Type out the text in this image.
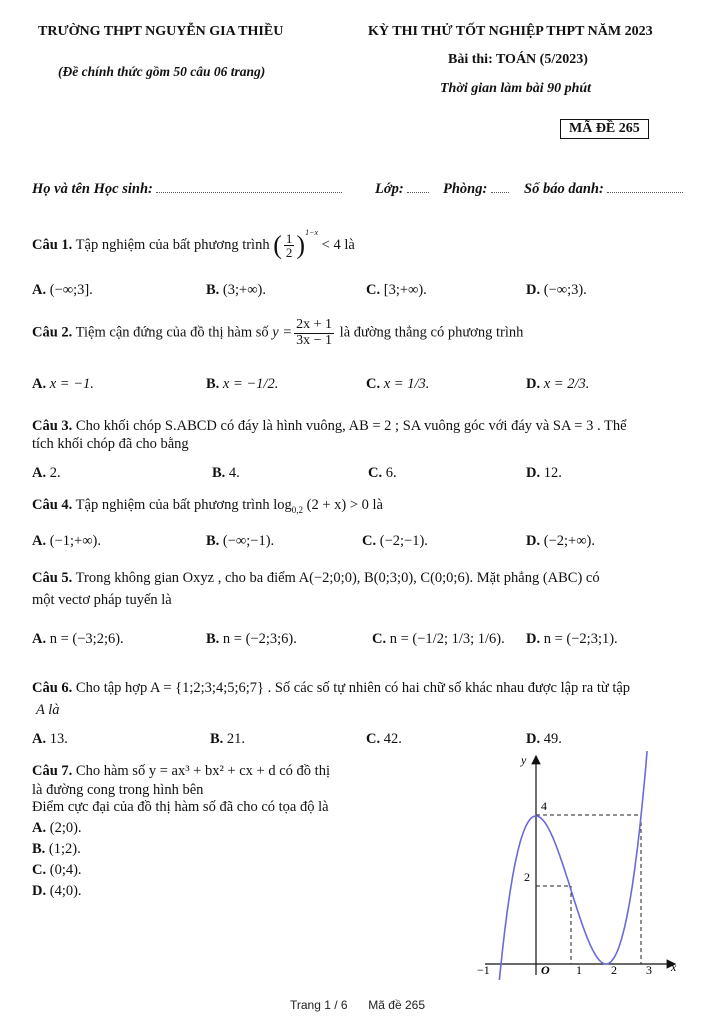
TRƯỜNG THPT NGUYỄN GIA THIỀU	KỲ THI THỬ TỐT NGHIỆP THPT NĂM 2023
Bài thi: TOÁN (5/2023)
(Đề chính thức gồm 50 câu 06 trang)
Thời gian làm bài 90 phút
MÃ ĐỀ 265
Họ và tên Học sinh:	Lớp:	Phòng:	Số báo danh:
Câu 1. Tập nghiệm của bất phương trình ( $\frac{1}{2} )^{1-x} < 4$ là
A. (−∞;3].	B. (3;+∞).	C. [3;+∞).	D. (−∞;3).
Câu 2. Tiệm cận đứng của đồ thị hàm số $y = \frac{2x + 1}{3x - 1}$ là đường thẳng có phương trình
A. x = −1.	B. x = −1/2.	C. x = 1/3.	D. x = 2/3.
Câu 3. Cho khối chóp S.ABCD có đáy là hình vuông, AB = 2 ; SA vuông góc với đáy và SA = 3 . Thể
tích khối chóp đã cho bằng
A. 2.	B. 4.	C. 6.	D. 12.
Câu 4. Tập nghiệm của bất phương trình $\log_{0,2} (2 + x) > 0$ là
A. (−1;+∞).	B. (−∞;−1).	C. (−2;−1).	D. (−2;+∞).
Câu 5. Trong không gian Oxyz , cho ba điểm A(−2;0;0), B(0;3;0), C(0;0;6). Mặt phẳng (ABC) có
một vectơ pháp tuyến là
A. n = (−3;2;6).	B. n = (−2;3;6).	C. n = (−1/2; 1/3; 1/6). D. n = (−2;3;1).
Câu 6. Cho tập hợp A = {1;2;3;4;5;6;7} . Số các số tự nhiên có hai chữ số khác nhau được lập ra từ tập
A là
A. 13.	B. 21.	C. 42.	D. 49.
Câu 7. Cho hàm số y = ax³ + bx² + cx + d có đồ thị
là đường cong trong hình bên
Điểm cực đại của đồ thị hàm số đã cho có tọa độ là
A. (2;0).
B. (1;2).
C. (0;4).
D. (4;0).
y
x
O
−1	1 2 3
2
4
Trang 1 / 6 Mã đề 265
